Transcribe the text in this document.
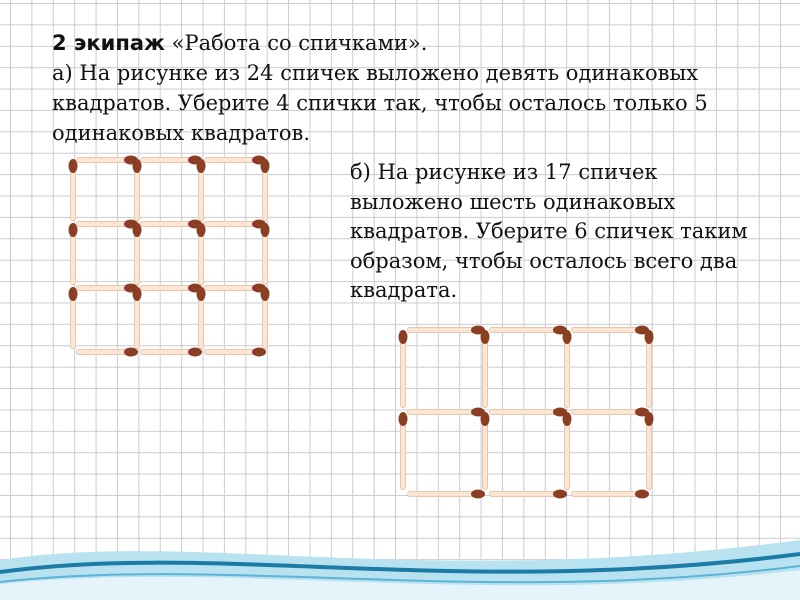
2 экипаж «Работа со спичками».
а) На рисунке из 24 спичек выложено девять одинаковых квадратов. Уберите 4 спички так, чтобы осталось только 5 одинаковых квадратов.
б) На рисунке из 17 спичек выложено шесть одинаковых квадратов. Уберите 6 спичек таким образом, чтобы осталось всего два квадрата.
